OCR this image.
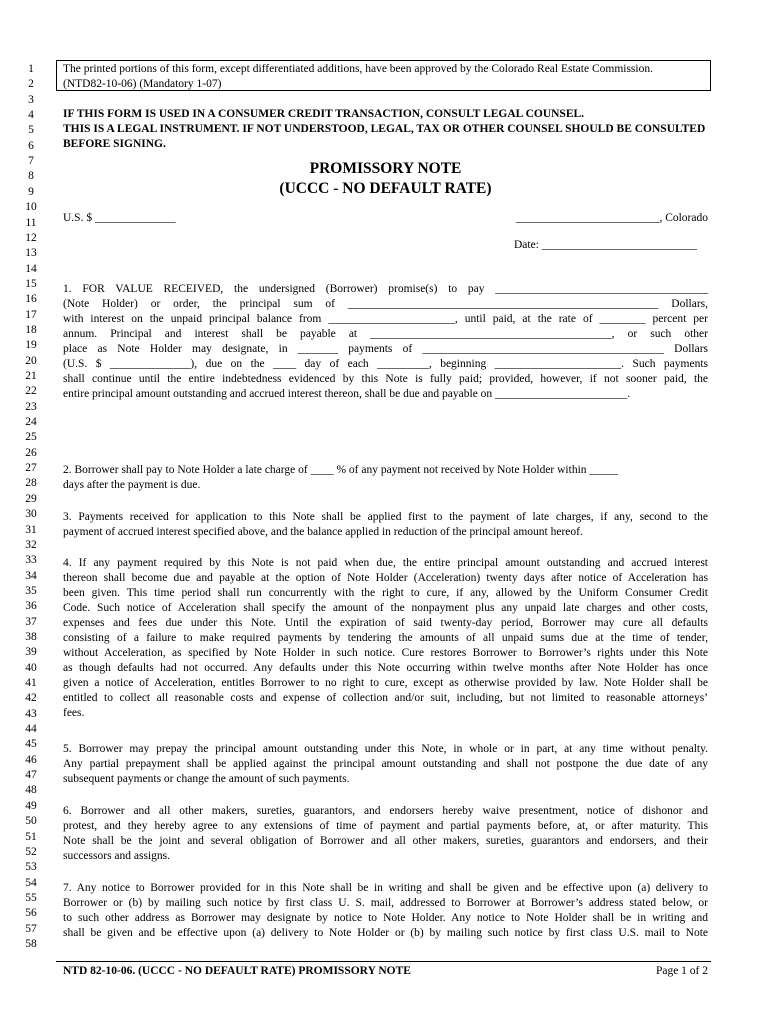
The printed portions of this form, except differentiated additions, have been approved by the Colorado Real Estate Commission.
(NTD82-10-06) (Mandatory 1-07)
IF THIS FORM IS USED IN A CONSUMER CREDIT TRANSACTION, CONSULT LEGAL COUNSEL.
THIS IS A LEGAL INSTRUMENT. IF NOT UNDERSTOOD, LEGAL, TAX OR OTHER COUNSEL SHOULD BE CONSULTED
BEFORE SIGNING.
PROMISSORY NOTE
(UCCC - NO DEFAULT RATE)
U.S. $ ______________	_________________________, Colorado
Date: ___________________________
1. FOR VALUE RECEIVED, the undersigned (Borrower) promise(s) to pay _____________________________________
(Note Holder) or order, the principal sum of ______________________________________________________ Dollars,
with interest on the unpaid principal balance from ______________________, until paid, at the rate of ________ percent per
annum. Principal and interest shall be payable at __________________________________________, or such other
place as Note Holder may designate, in _______ payments of __________________________________________ Dollars
(U.S. $ ______________), due on the ____ day of each _________, beginning ______________________. Such payments
shall continue until the entire indebtedness evidenced by this Note is fully paid; provided, however, if not sooner paid, the
entire principal amount outstanding and accrued interest thereon, shall be due and payable on _______________________.
2. Borrower shall pay to Note Holder a late charge of ____ % of any payment not received by Note Holder within _____
days after the payment is due.
3. Payments received for application to this Note shall be applied first to the payment of late charges, if any, second to the
payment of accrued interest specified above, and the balance applied in reduction of the principal amount hereof.
4. If any payment required by this Note is not paid when due, the entire principal amount outstanding and accrued interest
thereon shall become due and payable at the option of Note Holder (Acceleration) twenty days after notice of Acceleration has
been given. This time period shall run concurrently with the right to cure, if any, allowed by the Uniform Consumer Credit
Code. Such notice of Acceleration shall specify the amount of the nonpayment plus any unpaid late charges and other costs,
expenses and fees due under this Note. Until the expiration of said twenty-day period, Borrower may cure all defaults
consisting of a failure to make required payments by tendering the amounts of all unpaid sums due at the time of tender,
without Acceleration, as specified by Note Holder in such notice. Cure restores Borrower to Borrower’s rights under this Note
as though defaults had not occurred. Any defaults under this Note occurring within twelve months after Note Holder has once
given a notice of Acceleration, entitles Borrower to no right to cure, except as otherwise provided by law. Note Holder shall be
entitled to collect all reasonable costs and expense of collection and/or suit, including, but not limited to reasonable attorneys’
fees.
5. Borrower may prepay the principal amount outstanding under this Note, in whole or in part, at any time without penalty.
Any partial prepayment shall be applied against the principal amount outstanding and shall not postpone the due date of any
subsequent payments or change the amount of such payments.
6. Borrower and all other makers, sureties, guarantors, and endorsers hereby waive presentment, notice of dishonor and
protest, and they hereby agree to any extensions of time of payment and partial payments before, at, or after maturity. This
Note shall be the joint and several obligation of Borrower and all other makers, sureties, guarantors and endorsers, and their
successors and assigns.
7. Any notice to Borrower provided for in this Note shall be in writing and shall be given and be effective upon (a) delivery to
Borrower or (b) by mailing such notice by first class U. S. mail, addressed to Borrower at Borrower’s address stated below, or
to such other address as Borrower may designate by notice to Note Holder. Any notice to Note Holder shall be in writing and
shall be given and be effective upon (a) delivery to Note Holder or (b) by mailing such notice by first class U.S. mail to Note
1
2
3
4
5
6
7
8
9
10
11
12
13
14
15
16
17
18
19
20
21
22
23
24
25
26
27
28
29
30
31
32
33
34
35
36
37
38
39
40
41
42
43
44
45
46
47
48
49
50
51
52
53
54
55
56
57
58
NTD 82-10-06. (UCCC - NO DEFAULT RATE) PROMISSORY NOTE	Page 1 of 2
